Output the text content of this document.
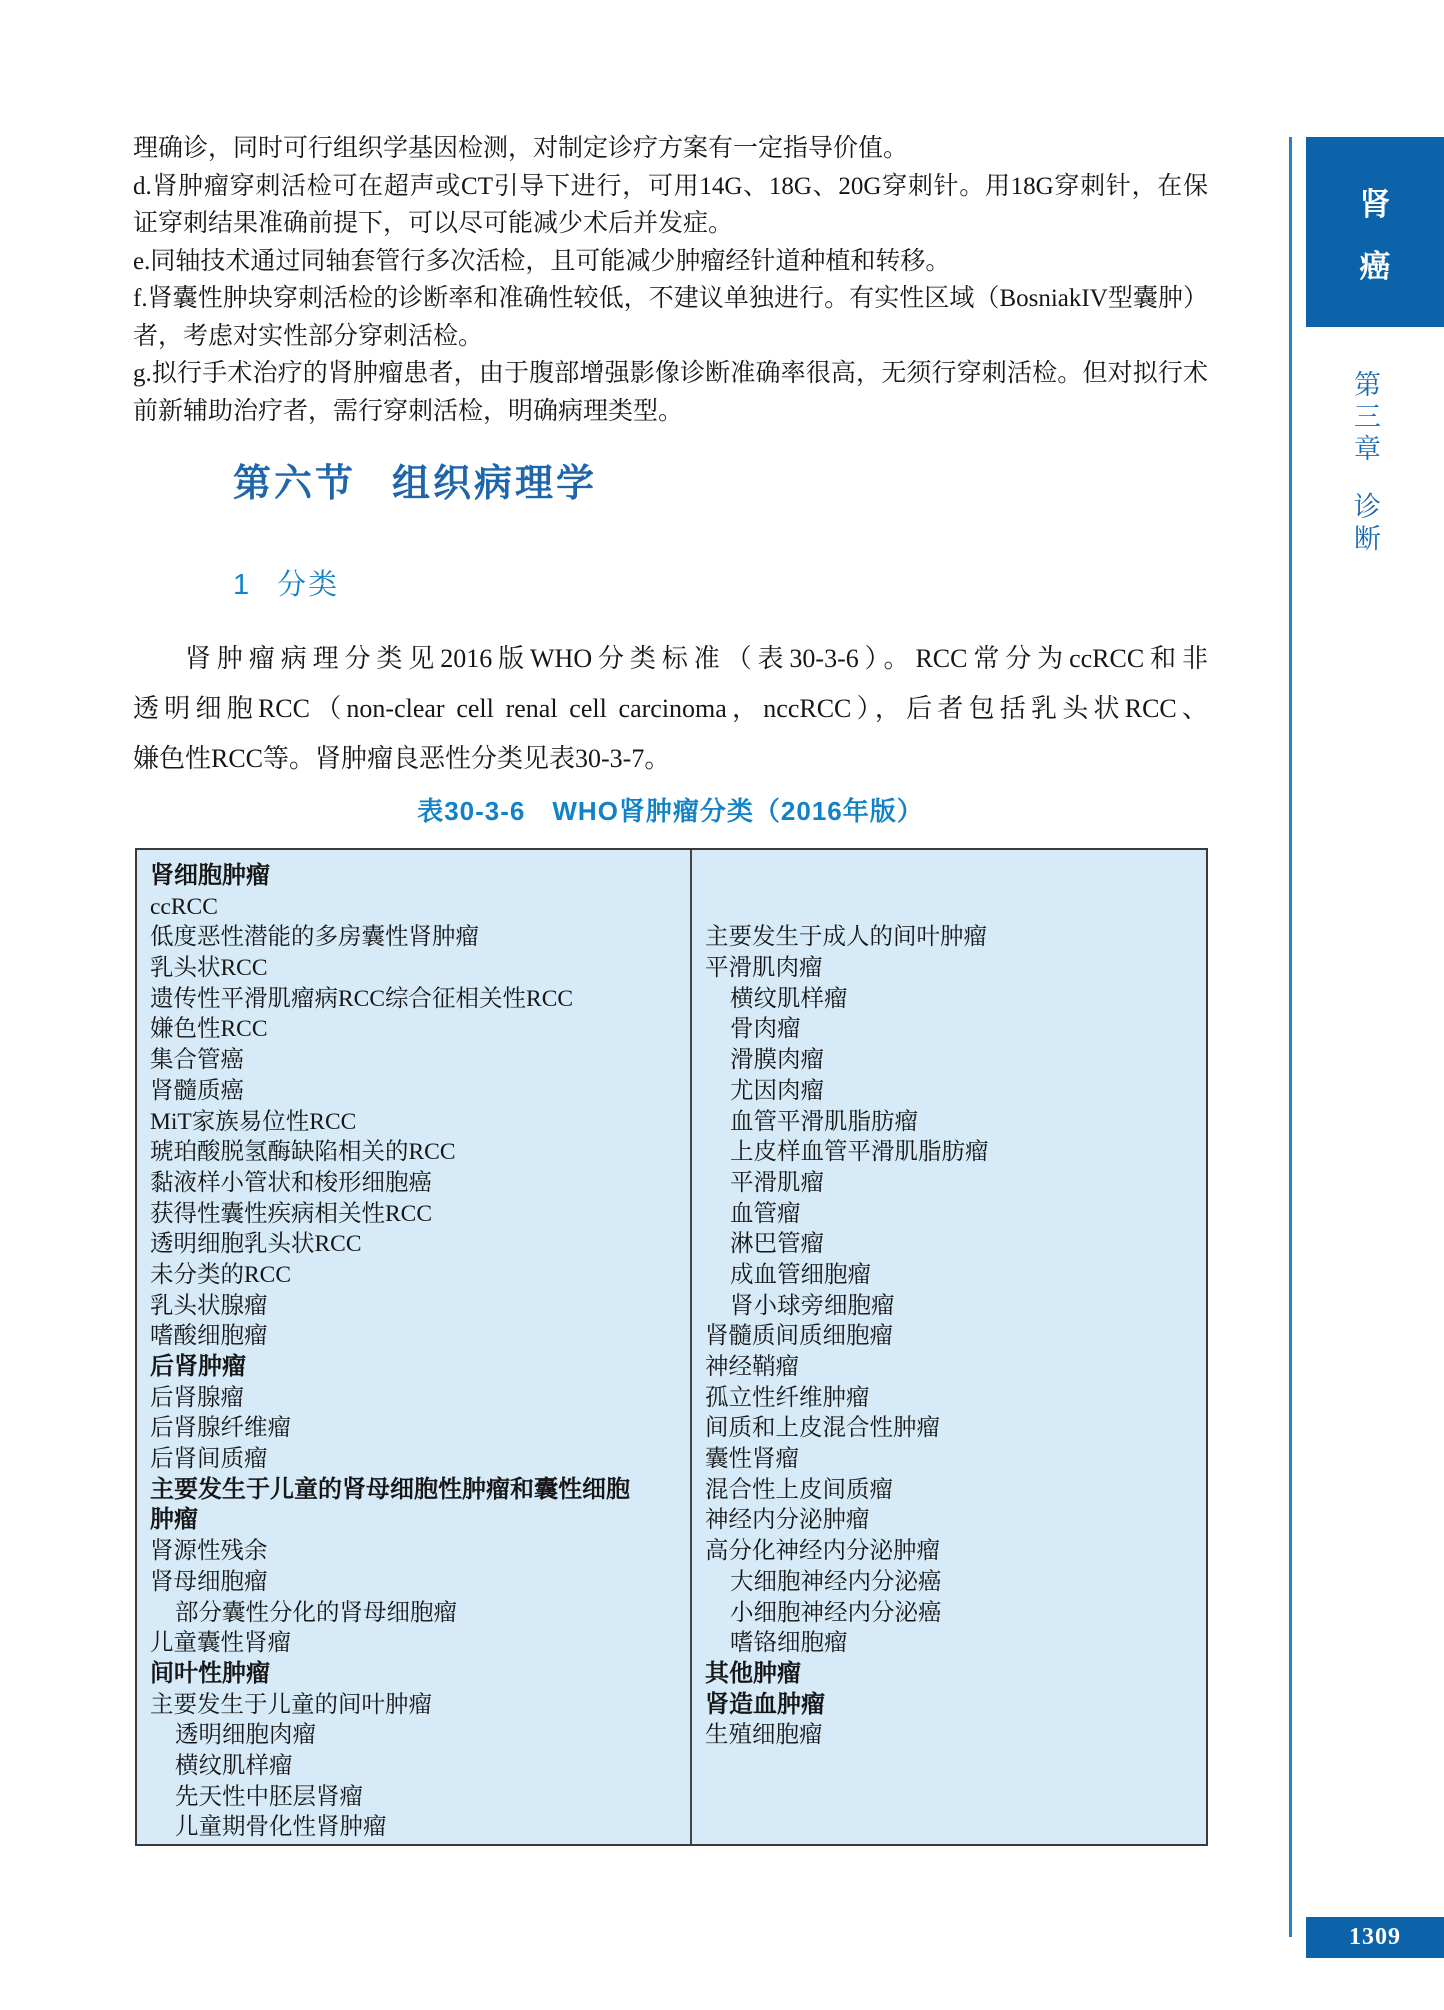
理确诊，同时可行组织学基因检测，对制定诊疗方案有一定指导价值。
d.肾肿瘤穿刺活检可在超声或CT引导下进行，可用14G、18G、20G穿刺针。用18G穿刺针，在保
证穿刺结果准确前提下，可以尽可能减少术后并发症。
e.同轴技术通过同轴套管行多次活检，且可能减少肿瘤经针道种植和转移。
f.肾囊性肿块穿刺活检的诊断率和准确性较低，不建议单独进行。有实性区域（BosniakIV型囊肿）
者，考虑对实性部分穿刺活检。
g.拟行手术治疗的肾肿瘤患者，由于腹部增强影像诊断准确率很高，无须行穿刺活检。但对拟行术
前新辅助治疗者，需行穿刺活检，明确病理类型。
第六节 组织病理学
1 分类
肾肿瘤病理分类见2016版WHO分类标准（表30-3-6）。RCC常分为ccRCC和非
透明细胞RCC（non-clear cell renal cell carcinoma，nccRCC），后者包括乳头状RCC、
嫌色性RCC等。肾肿瘤良恶性分类见表30-3-7。
表30-3-6　WHO肾肿瘤分类（2016年版）
肾细胞肿瘤
ccRCC
低度恶性潜能的多房囊性肾肿瘤
乳头状RCC
遗传性平滑肌瘤病RCC综合征相关性RCC
嫌色性RCC
集合管癌
肾髓质癌
MiT家族易位性RCC
琥珀酸脱氢酶缺陷相关的RCC
黏液样小管状和梭形细胞癌
获得性囊性疾病相关性RCC
透明细胞乳头状RCC
未分类的RCC
乳头状腺瘤
嗜酸细胞瘤
后肾肿瘤
后肾腺瘤
后肾腺纤维瘤
后肾间质瘤
主要发生于儿童的肾母细胞性肿瘤和囊性细胞
肿瘤
肾源性残余
肾母细胞瘤
部分囊性分化的肾母细胞瘤
儿童囊性肾瘤
间叶性肿瘤
主要发生于儿童的间叶肿瘤
透明细胞肉瘤
横纹肌样瘤
先天性中胚层肾瘤
儿童期骨化性肾肿瘤
主要发生于成人的间叶肿瘤
平滑肌肉瘤
横纹肌样瘤
骨肉瘤
滑膜肉瘤
尤因肉瘤
血管平滑肌脂肪瘤
上皮样血管平滑肌脂肪瘤
平滑肌瘤
血管瘤
淋巴管瘤
成血管细胞瘤
肾小球旁细胞瘤
肾髓质间质细胞瘤
神经鞘瘤
孤立性纤维肿瘤
间质和上皮混合性肿瘤
囊性肾瘤
混合性上皮间质瘤
神经内分泌肿瘤
高分化神经内分泌肿瘤
大细胞神经内分泌癌
小细胞神经内分泌癌
嗜铬细胞瘤
其他肿瘤
肾造血肿瘤
生殖细胞瘤
肾
癌
第三章诊断
1309
